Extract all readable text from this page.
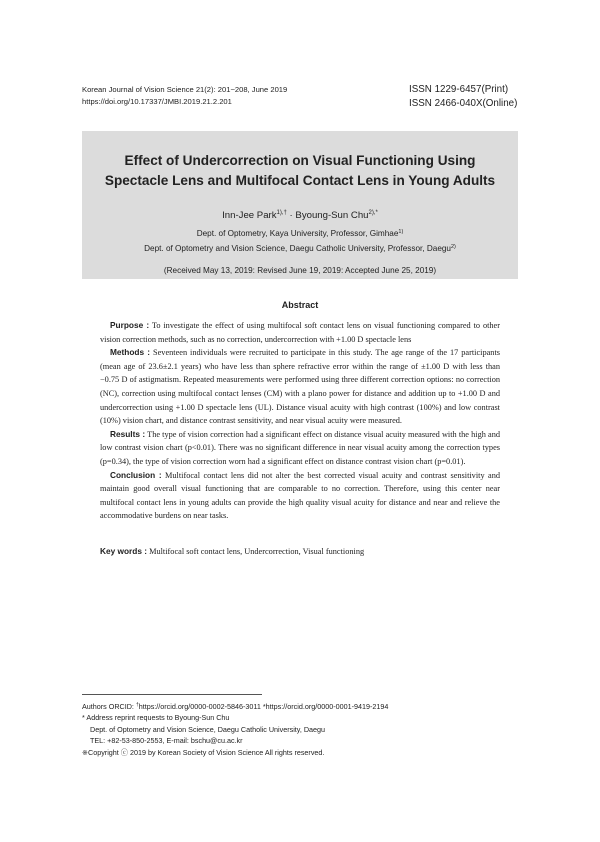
Korean Journal of Vision Science 21(2): 201~208, June 2019
https://doi.org/10.17337/JMBI.2019.21.2.201
ISSN 1229-6457(Print)
ISSN 2466-040X(Online)
Effect of Undercorrection on Visual Functioning Using
Spectacle Lens and Multifocal Contact Lens in Young Adults
Inn-Jee Park$^{1),\dagger}$ · Byoung-Sun Chu$^{2),*}$
Dept. of Optometry, Kaya University, Professor, Gimhae$^{1)}$
Dept. of Optometry and Vision Science, Daegu Catholic University, Professor, Daegu$^{2)}$
(Received May 13, 2019: Revised June 19, 2019: Accepted June 25, 2019)
Abstract

Purpose : To investigate the effect of using multifocal soft contact lens on visual functioning compared to other vision correction methods, such as no correction, undercorrection with +1.00 D spectacle lens

Methods : Seventeen individuals were recruited to participate in this study. The age range of the 17 participants (mean age of 23.6±2.1 years) who have less than sphere refractive error within the range of ±1.00 D with less than −0.75 D of astigmatism. Repeated measurements were performed using three different correction options: no correction (NC), correction using multifocal contact lenses (CM) with a plano power for distance and addition up to +1.00 D and undercorrection using +1.00 D spectacle lens (UL). Distance visual acuity with high contrast (100%) and low contrast (10%) vision chart, and distance contrast sensitivity, and near visual acuity were measured.

Results : The type of vision correction had a significant effect on distance visual acuity measured with the high and low contrast vision chart (p<0.01). There was no significant difference in near visual acuity among the correction types (p=0.34), the type of vision correction worn had a significant effect on distance contrast vision chart (p=0.01).

Conclusion : Multifocal contact lens did not alter the best corrected visual acuity and contrast sensitivity and maintain good overall visual functioning that are comparable to no correction. Therefore, using this center near multifocal contact lens in young adults can provide the high quality visual acuity for distance and near and relieve the accommodative burdens on near tasks.

Key words : Multifocal soft contact lens, Undercorrection, Visual functioning
Authors ORCID: †https://orcid.org/0000-0002-5846-3011 *https://orcid.org/0000-0001-9419-2194
* Address reprint requests to Byoung-Sun Chu
Dept. of Optometry and Vision Science, Daegu Catholic University, Daegu
TEL: +82-53-850-2553, E-mail: bschu@cu.ac.kr
※Copyright ⓒ 2019 by Korean Society of Vision Science All rights reserved.
